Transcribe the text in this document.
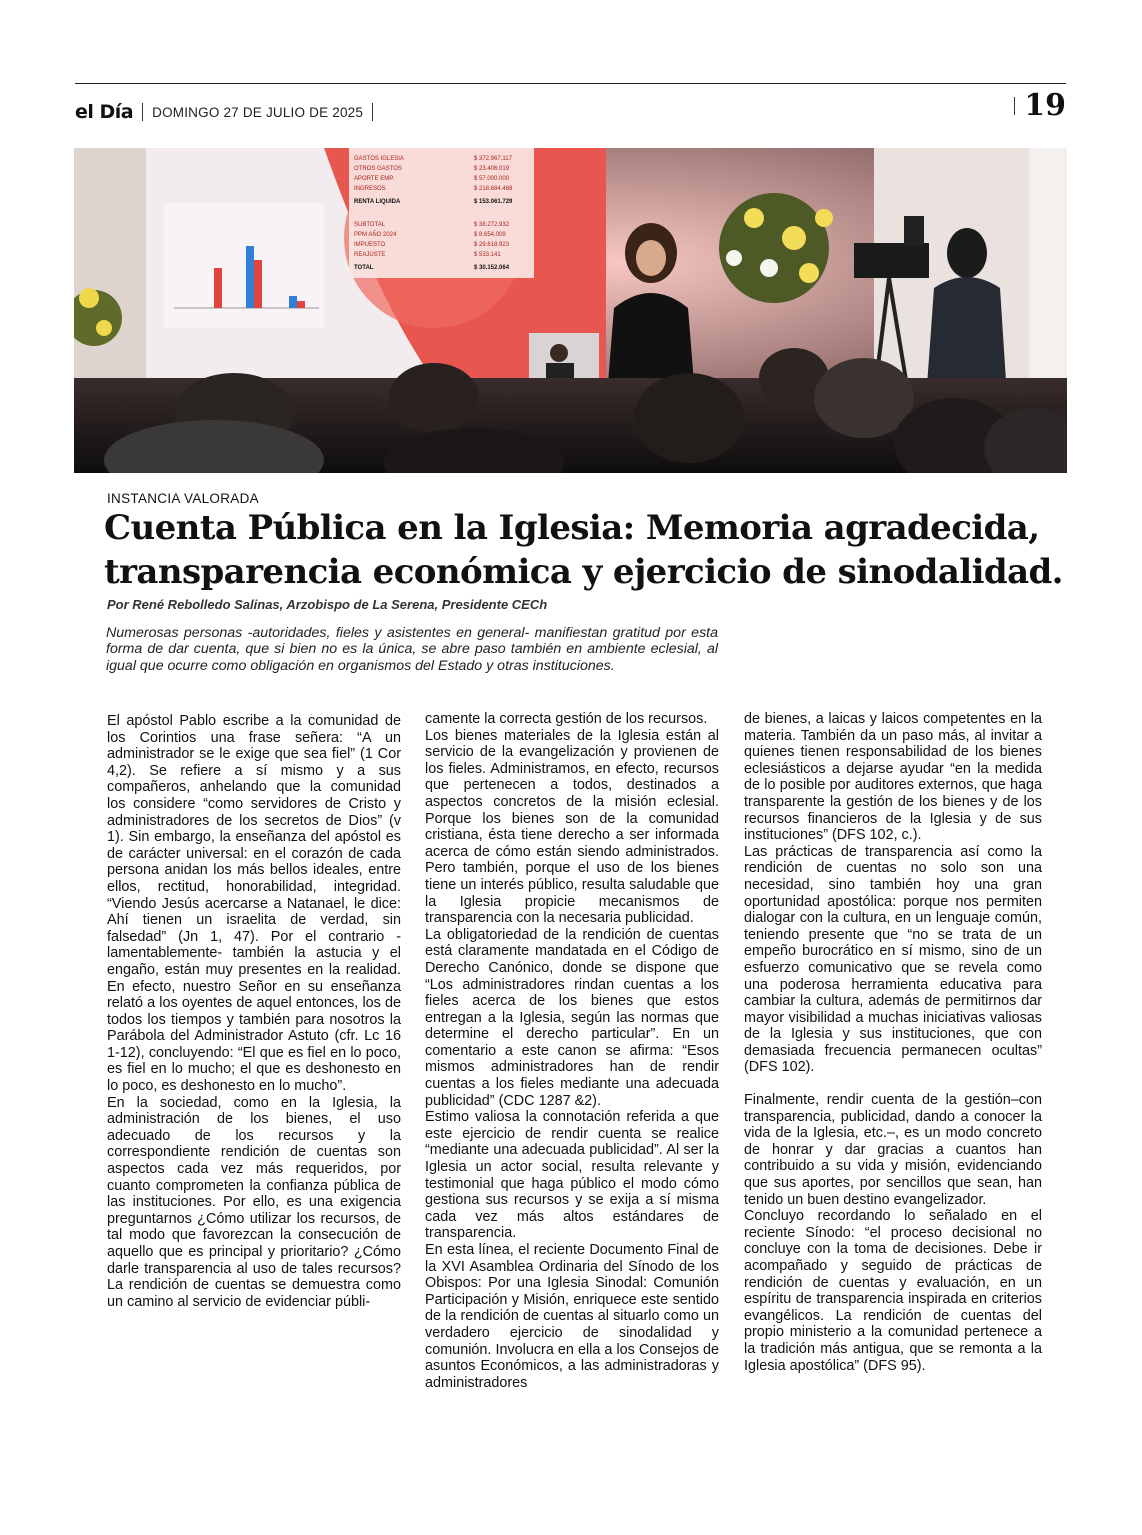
el Día DOMINGO 27 DE JULIO DE 2025	19
GASTOS IGLESIA	$ 372.967.117
OTROS GASTOS	$ 23.406.019
APORTE EMP.	$ 57.000.000
INGRESOS	$ 218.684.468
RENTA LIQUIDA	$ 153.061.729
SUBTOTAL	$ 38.272.932
PPM AÑO 2024	$ 8.654.009
IMPUESTO	$ 29.618.923
REAJUSTE	$ 533.141
TOTAL	$ 30.152.064
INSTANCIA VALORADA
Cuenta Pública en la Iglesia: Memoria agradecida, transparencia económica y ejercicio de sinodalidad.
Por René Rebolledo Salinas, Arzobispo de La Serena, Presidente CECh

Numerosas personas -autoridades, fieles y asistentes en general- manifiestan gratitud por esta forma de dar cuenta, que si bien no es la única, se abre paso también en ambiente eclesial, al igual que ocurre como obligación en organismos del Estado y otras instituciones.

El apóstol Pablo escribe a la comunidad de los Corintios una frase señera: “A un administrador se le exige que sea fiel” (1 Cor 4,2). Se refiere a sí mismo y a sus compañeros, anhelando que la comunidad los considere “como servidores de Cristo y administradores de los secretos de Dios” (v 1). Sin embargo, la enseñanza del apóstol es de carácter universal: en el corazón de cada persona anidan los más bellos ideales, entre ellos, rectitud, honorabilidad, integridad. “Viendo Jesús acercarse a Natanael, le dice: Ahí tienen un israelita de verdad, sin falsedad” (Jn 1, 47). Por el contrario - lamentablemente- también la astucia y el engaño, están muy presentes en la realidad. En efecto, nuestro Señor en su enseñanza relató a los oyentes de aquel entonces, los de todos los tiempos y también para nosotros la Parábola del Administrador Astuto (cfr. Lc 16 1-12), concluyendo: “El que es fiel en lo poco, es fiel en lo mucho; el que es deshonesto en lo poco, es deshonesto en lo mucho”.

En la sociedad, como en la Iglesia, la administración de los bienes, el uso adecuado de los recursos y la correspondiente rendición de cuentas son aspectos cada vez más requeridos, por cuanto comprometen la confianza pública de las instituciones. Por ello, es una exigencia preguntarnos ¿Cómo utilizar los recursos, de tal modo que favorezcan la consecución de aquello que es principal y prioritario? ¿Cómo darle transparencia al uso de tales recursos? La rendición de cuentas se demuestra como un camino al servicio de evidenciar públi-

camente la correcta gestión de los recursos.

Los bienes materiales de la Iglesia están al servicio de la evangelización y provienen de los fieles. Administramos, en efecto, recursos que pertenecen a todos, destinados a aspectos concretos de la misión eclesial. Porque los bienes son de la comunidad cristiana, ésta tiene derecho a ser informada acerca de cómo están siendo administrados. Pero también, porque el uso de los bienes tiene un interés público, resulta saludable que la Iglesia propicie mecanismos de transparencia con la necesaria publicidad.

La obligatoriedad de la rendición de cuentas está claramente mandatada en el Código de Derecho Canónico, donde se dispone que “Los administradores rindan cuentas a los fieles acerca de los bienes que estos entregan a la Iglesia, según las normas que determine el derecho particular”. En un comentario a este canon se afirma: “Esos mismos administradores han de rendir cuentas a los fieles mediante una adecuada publicidad” (CDC 1287 &2).

Estimo valiosa la connotación referida a que este ejercicio de rendir cuenta se realice “mediante una adecuada publicidad”. Al ser la Iglesia un actor social, resulta relevante y testimonial que haga público el modo cómo gestiona sus recursos y se exija a sí misma cada vez más altos estándares de transparencia.

En esta línea, el reciente Documento Final de la XVI Asamblea Ordinaria del Sínodo de los Obispos: Por una Iglesia Sinodal: Comunión Participación y Misión, enriquece este sentido de la rendición de cuentas al situarlo como un verdadero ejercicio de sinodalidad y comunión. Involucra en ella a los Consejos de asuntos Económicos, a las administradoras y administradores

de bienes, a laicas y laicos competentes en la materia. También da un paso más, al invitar a quienes tienen responsabilidad de los bienes eclesiásticos a dejarse ayudar “en la medida de lo posible por auditores externos, que haga transparente la gestión de los bienes y de los recursos financieros de la Iglesia y de sus instituciones” (DFS 102, c.).

Las prácticas de transparencia así como la rendición de cuentas no solo son una necesidad, sino también hoy una gran oportunidad apostólica: porque nos permiten dialogar con la cultura, en un lenguaje común, teniendo presente que “no se trata de un empeño burocrático en sí mismo, sino de un esfuerzo comunicativo que se revela como una poderosa herramienta educativa para cambiar la cultura, además de permitirnos dar mayor visibilidad a muchas iniciativas valiosas de la Iglesia y sus instituciones, que con demasiada frecuencia permanecen ocultas” (DFS 102).

Finalmente, rendir cuenta de la gestión–con transparencia, publicidad, dando a conocer la vida de la Iglesia, etc.–, es un modo concreto de honrar y dar gracias a cuantos han contribuido a su vida y misión, evidenciando que sus aportes, por sencillos que sean, han tenido un buen destino evangelizador.

Concluyo recordando lo señalado en el reciente Sínodo: “el proceso decisional no concluye con la toma de decisiones. Debe ir acompañado y seguido de prácticas de rendición de cuentas y evaluación, en un espíritu de transparencia inspirada en criterios evangélicos. La rendición de cuentas del propio ministerio a la comunidad pertenece a la tradición más antigua, que se remonta a la Iglesia apostólica” (DFS 95).
